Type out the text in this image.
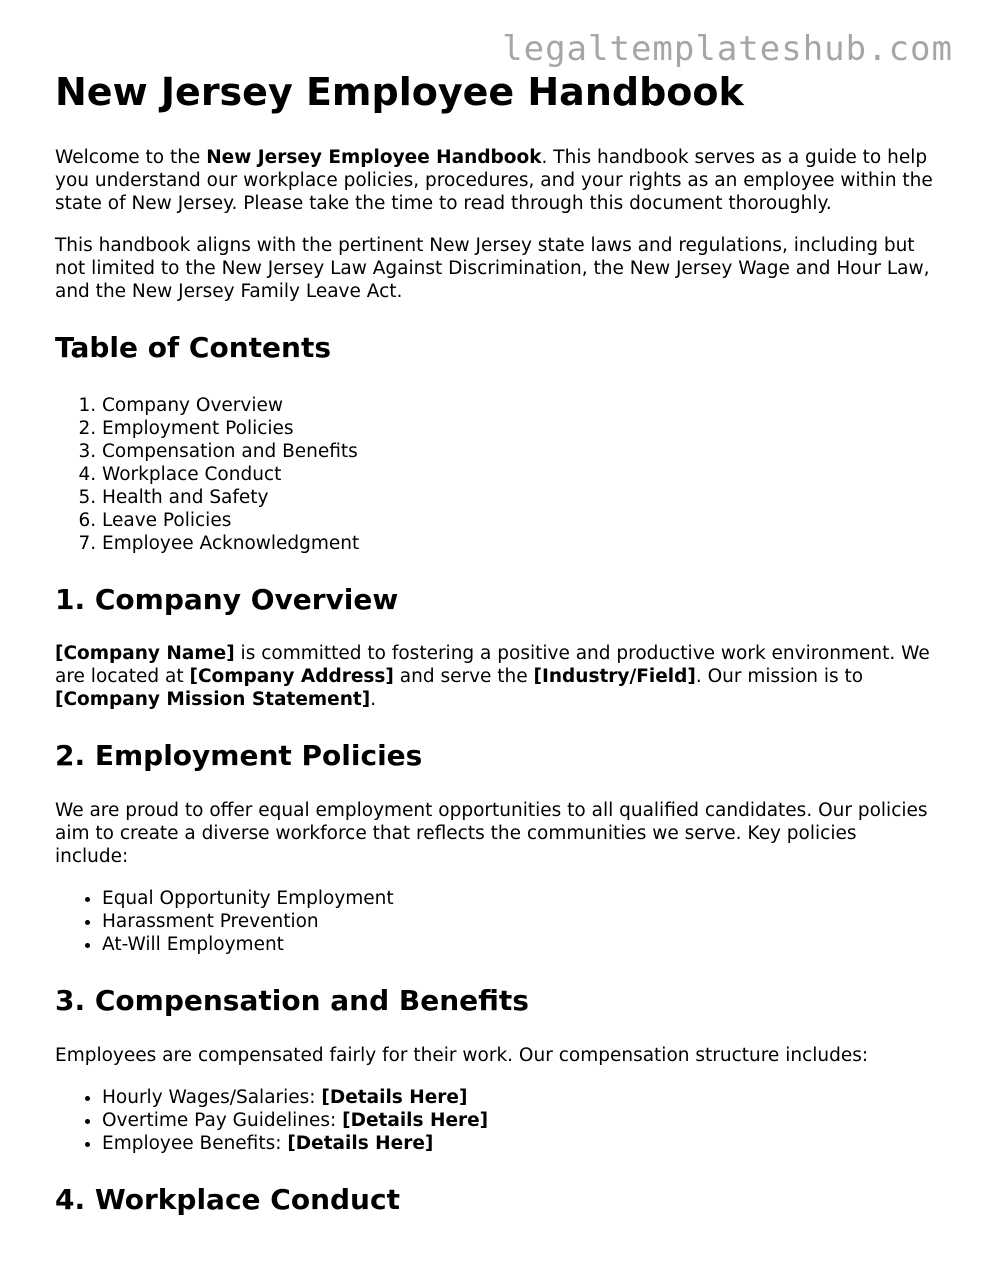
legaltemplateshub.com
New Jersey Employee Handbook

Welcome to the New Jersey Employee Handbook. This handbook serves as a guide to help you understand our workplace policies, procedures, and your rights as an employee within the state of New Jersey. Please take the time to read through this document thoroughly.

This handbook aligns with the pertinent New Jersey state laws and regulations, including but not limited to the New Jersey Law Against Discrimination, the New Jersey Wage and Hour Law, and the New Jersey Family Leave Act.

Table of Contents
1. Company Overview
2. Employment Policies
3. Compensation and Benefits
4. Workplace Conduct
5. Health and Safety
6. Leave Policies
7. Employee Acknowledgment
1. Company Overview

[Company Name] is committed to fostering a positive and productive work environment. We are located at [Company Address] and serve the [Industry/Field]. Our mission is to [Company Mission Statement].

2. Employment Policies

We are proud to offer equal employment opportunities to all qualified candidates. Our policies aim to create a diverse workforce that reflects the communities we serve. Key policies include:

• Equal Opportunity Employment
• Harassment Prevention
• At-Will Employment
3. Compensation and Benefits

Employees are compensated fairly for their work. Our compensation structure includes:

• Hourly Wages/Salaries: [Details Here]
• Overtime Pay Guidelines: [Details Here]
• Employee Benefits: [Details Here]
4. Workplace Conduct
